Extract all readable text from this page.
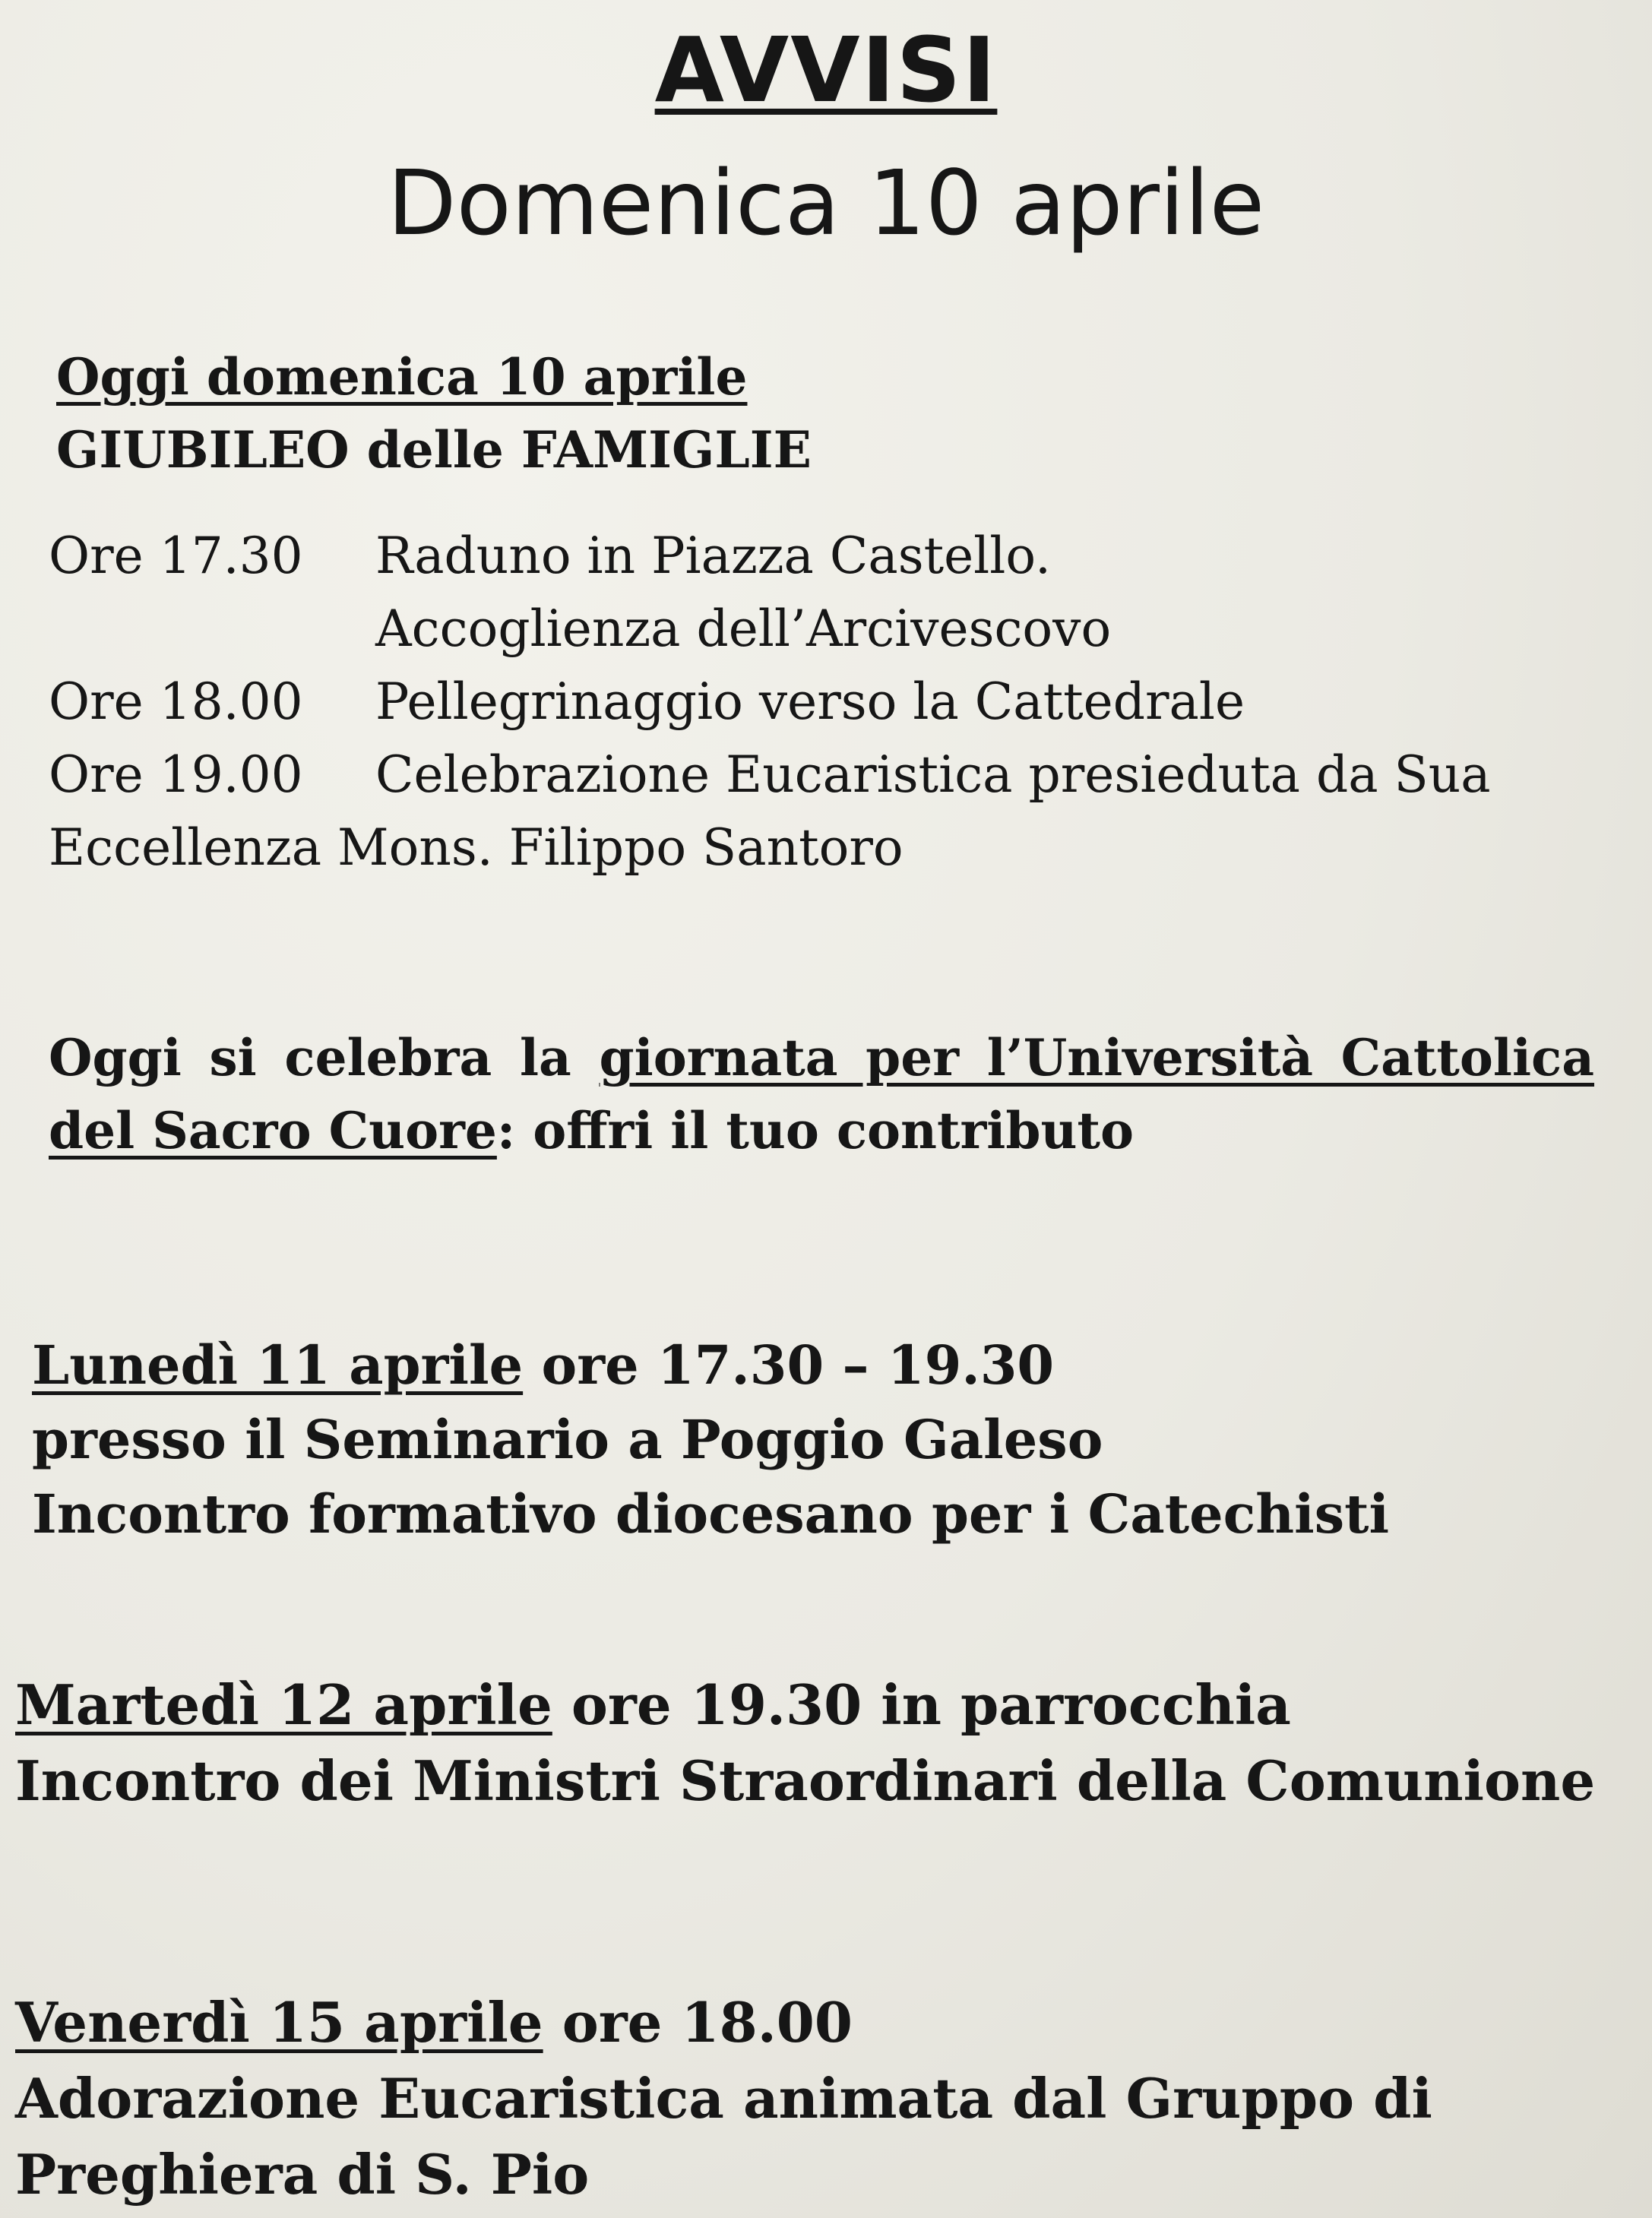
AVVISI
Domenica 10 aprile
Oggi domenica 10 aprile
GIUBILEO delle FAMIGLIE
Ore 17.30	Raduno in Piazza Castello.
Accoglienza dell’Arcivescovo
Ore 18.00	Pellegrinaggio verso la Cattedrale
Ore 19.00	Celebrazione Eucaristica presieduta da Sua
Eccellenza Mons. Filippo Santoro
Oggi si celebra la giornata per l’Università Cattolica del Sacro Cuore: offri il tuo contributo
Lunedì 11 aprile ore 17.30 – 19.30
presso il Seminario a Poggio Galeso
Incontro formativo diocesano per i Catechisti
Martedì 12 aprile ore 19.30 in parrocchia
Incontro dei Ministri Straordinari della Comunione
Venerdì 15 aprile ore 18.00
Adorazione Eucaristica animata dal Gruppo di
Preghiera di S. Pio
